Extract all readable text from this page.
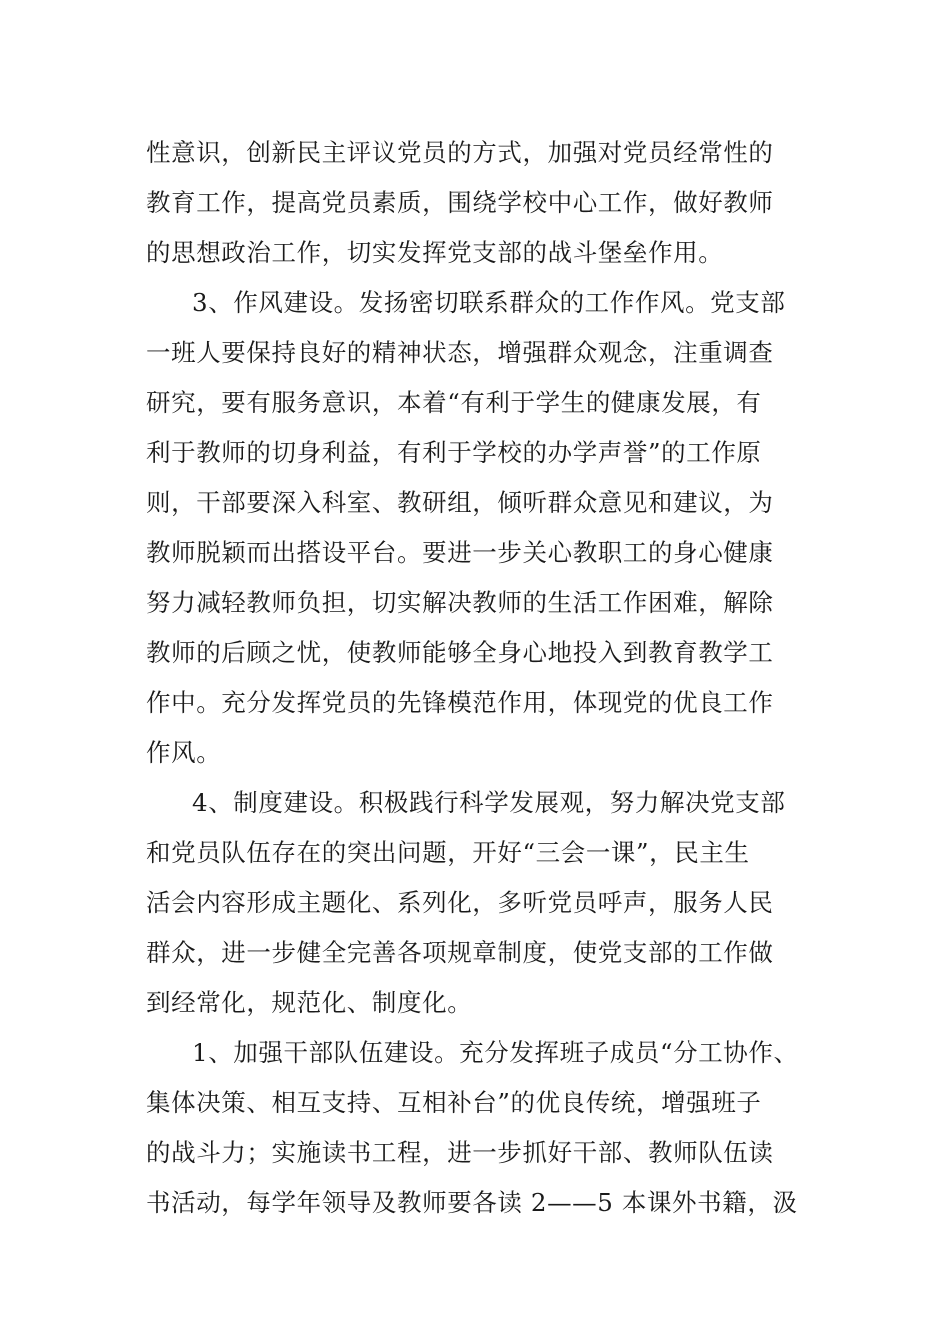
性意识，创新民主评议党员的方式，加强对党员经常性的
教育工作，提高党员素质，围绕学校中心工作，做好教师
的思想政治工作，切实发挥党支部的战斗堡垒作用。
3、作风建设。发扬密切联系群众的工作作风。党支部
一班人要保持良好的精神状态，增强群众观念，注重调查
研究，要有服务意识，本着“有利于学生的健康发展，有
利于教师的切身利益，有利于学校的办学声誉”的工作原
则，干部要深入科室、教研组，倾听群众意见和建议，为
教师脱颖而出搭设平台。要进一步关心教职工的身心健康
努力减轻教师负担，切实解决教师的生活工作困难，解除
教师的后顾之忧，使教师能够全身心地投入到教育教学工
作中。充分发挥党员的先锋模范作用，体现党的优良工作
作风。
4、制度建设。积极践行科学发展观，努力解决党支部
和党员队伍存在的突出问题，开好“三会一课”，民主生
活会内容形成主题化、系列化，多听党员呼声，服务人民
群众，进一步健全完善各项规章制度，使党支部的工作做
到经常化，规范化、制度化。
1、加强干部队伍建设。充分发挥班子成员“分工协作、
集体决策、相互支持、互相补台”的优良传统，增强班子
的战斗力；实施读书工程，进一步抓好干部、教师队伍读
书活动，每学年领导及教师要各读 2——5 本课外书籍，汲
